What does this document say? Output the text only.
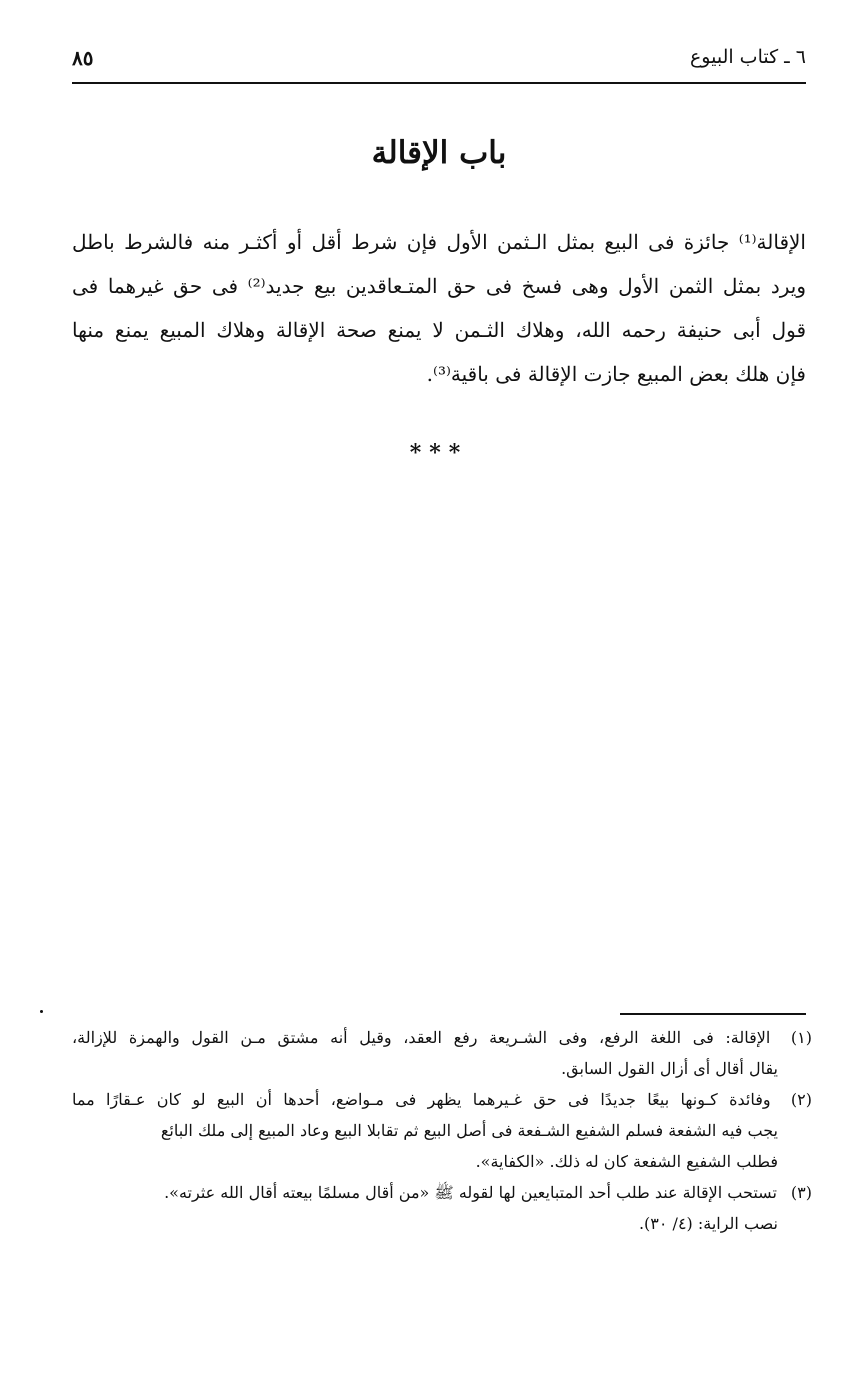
٦ ـ كتاب البيوع
٨٥
باب الإقالة
الإقالة⁽¹⁾ جائزة فى البيع بمثل الـثمن الأول فإن شرط أقل أو أكثـر منه فالشرط باطل
ويرد بمثل الثمن الأول وهى فسخ فى حق المتـعاقدين بيع جديد⁽²⁾ فى حق غيرهما فى
قول أبى حنيفة رحمه الله، وهلاك الثـمن لا يمنع صحة الإقالة وهلاك المبيع يمنع منها
فإن هلك بعض المبيع جازت الإقالة فى باقية⁽³⁾.
***
(١) الإقالة: فى اللغة الرفع، وفى الشـريعة رفع العقد، وقيل أنه مشتق مـن القول والهمزة للإزالة،
يقال أقال أى أزال القول السابق.
(٢) وفائدة كـونها بيعًا جديدًا فى حق غـيرهما يظهر فى مـواضع، أحدها أن البيع لو كان عـقارًا مما
يجب فيه الشفعة فسلم الشفيع الشـفعة فى أصل البيع ثم تقابلا البيع وعاد المبيع إلى ملك البائع
فطلب الشفيع الشفعة كان له ذلك. «الكفاية».
(٣) تستحب الإقالة عند طلب أحد المتبايعين لها لقوله ﷺ «من أقال مسلمًا بيعته أقال الله عثرته».
نصب الراية: (٤/ ٣٠).
